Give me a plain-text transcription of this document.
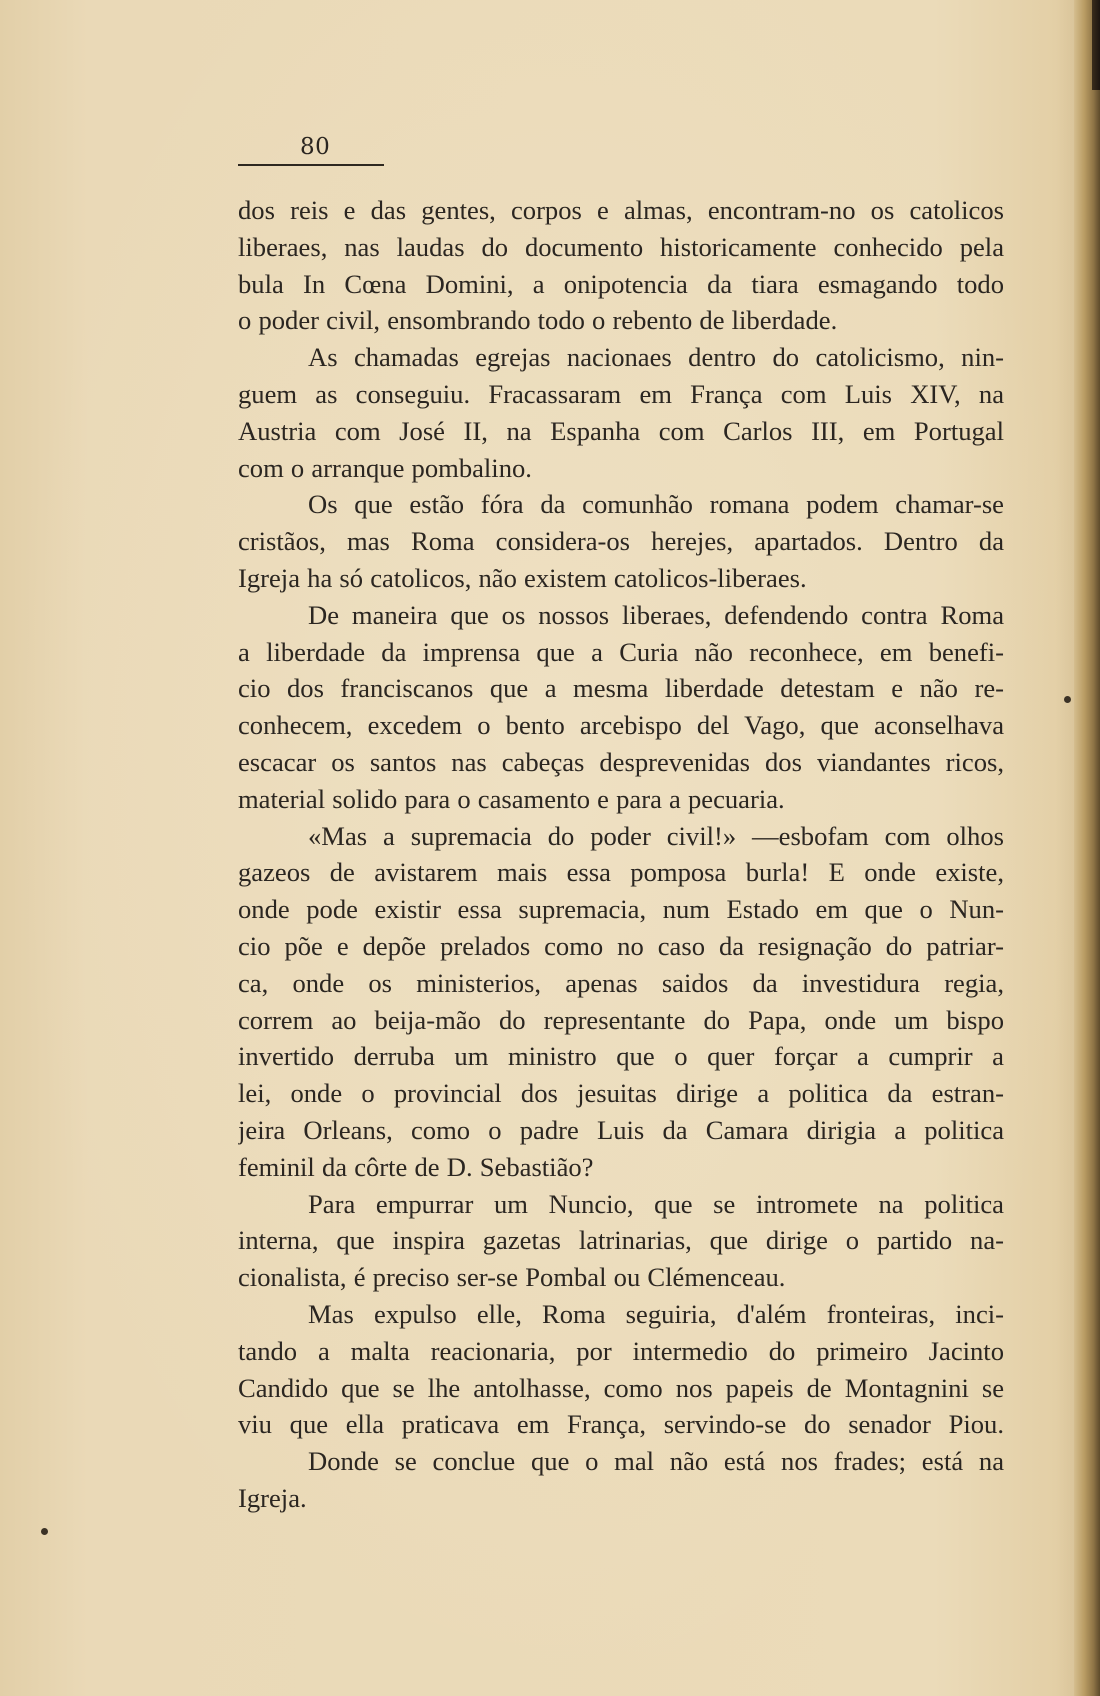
80
dos reis e das gentes, corpos e almas, encontram-no os catolicos
liberaes, nas laudas do documento historicamente conhecido pela
bula In Cœna Domini, a onipotencia da tiara esmagando todo
o poder civil, ensombrando todo o rebento de liberdade.
As chamadas egrejas nacionaes dentro do catolicismo, nin-
guem as conseguiu. Fracassaram em França com Luis XIV, na
Austria com José II, na Espanha com Carlos III, em Portugal
com o arranque pombalino.
Os que estão fóra da comunhão romana podem chamar-se
cristãos, mas Roma considera-os herejes, apartados. Dentro da
Igreja ha só catolicos, não existem catolicos-liberaes.
De maneira que os nossos liberaes, defendendo contra Roma
a liberdade da imprensa que a Curia não reconhece, em benefi-
cio dos franciscanos que a mesma liberdade detestam e não re-
conhecem, excedem o bento arcebispo del Vago, que aconselhava
escacar os santos nas cabeças desprevenidas dos viandantes ricos,
material solido para o casamento e para a pecuaria.
«Mas a supremacia do poder civil!» —esbofam com olhos
gazeos de avistarem mais essa pomposa burla! E onde existe,
onde pode existir essa supremacia, num Estado em que o Nun-
cio põe e depõe prelados como no caso da resignação do patriar-
ca, onde os ministerios, apenas saidos da investidura regia,
correm ao beija-mão do representante do Papa, onde um bispo
invertido derruba um ministro que o quer forçar a cumprir a
lei, onde o provincial dos jesuitas dirige a politica da estran-
jeira Orleans, como o padre Luis da Camara dirigia a politica
feminil da côrte de D. Sebastião?
Para empurrar um Nuncio, que se intromete na politica
interna, que inspira gazetas latrinarias, que dirige o partido na-
cionalista, é preciso ser-se Pombal ou Clémenceau.
Mas expulso elle, Roma seguiria, d'além fronteiras, inci-
tando a malta reacionaria, por intermedio do primeiro Jacinto
Candido que se lhe antolhasse, como nos papeis de Montagnini se
viu que ella praticava em França, servindo-se do senador Piou.
Donde se conclue que o mal não está nos frades; está na
Igreja.
